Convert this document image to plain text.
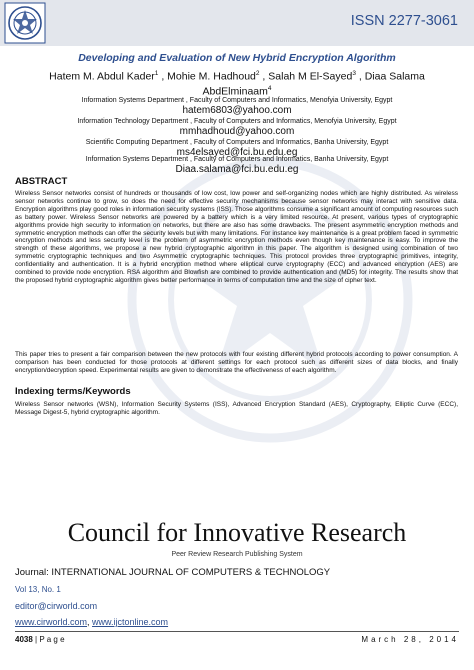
ISSN 2277-3061
Developing and Evaluation of New Hybrid Encryption Algorithm
Hatem M. Abdul Kader$^1$ , Mohie M. Hadhoud$^2$ , Salah M El-Sayed$^3$ , Diaa Salama AbdElminaam$^4$
Information Systems Department , Faculty of Computers and Informatics, Menofyia University, Egypt
hatem6803@yahoo.com
Information Technology Department , Faculty of Computers and Informatics, Menofyia University, Egypt
mmhadhoud@yahoo.com
Scientific Computing Department , Faculty of Computers and Informatics, Banha University, Egypt
ms4elsayed@fci.bu.edu.eg
Information Systems Department , Faculty of Computers and Informatics, Banha University, Egypt
Diaa.salama@fci.bu.edu.eg
ABSTRACT

Wireless Sensor networks consist of hundreds or thousands of low cost, low power and self-organizing nodes which are highly distributed. As wireless sensor networks continue to grow, so does the need for effective security mechanisms because sensor networks may interact with sensitive data. Encryption algorithms play good roles in information security systems (ISS). Those algorithms consume a significant amount of computing resources such as battery power. Wireless Sensor networks are powered by a battery which is a very limited resource. At present, various types of cryptographic algorithms provide high security to information on networks, but there are also has some drawbacks. The present asymmetric encryption methods and symmetric encryption methods can offer the security levels but with many limitations. For instance key maintenance is a great problem faced in symmetric encryption methods and less security level is the problem of asymmetric encryption methods even though key maintenance is easy. To improve the strength of these algorithms, we propose a new hybrid cryptographic algorithm in this paper. The algorithm is designed using combination of two symmetric cryptographic techniques and two Asymmetric cryptographic techniques. This protocol provides three cryptographic primitives, integrity, confidentiality and authentication. It is a hybrid encryption method where elliptical curve cryptography (ECC) and advanced encryption (AES) are combined to provide node encryption. RSA algorithm and Blowfish are combined to provide authentication and (MD5) for integrity. The results show that the proposed hybrid cryptographic algorithm gives better performance in terms of computation time and the size of cipher text.

This paper tries to present a fair comparison between the new protocols with four existing different hybrid protocols according to power consumption. A comparison has been conducted for those protocols at different settings for each protocol such as different sizes of data blocks, and finally encryption/decryption speed. Experimental results are given to demonstrate the effectiveness of each algorithm.

Indexing terms/Keywords

Wireless Sensor networks (WSN), Information Security Systems (ISS), Advanced Encryption Standard (AES), Cryptography, Elliptic Curve (ECC), Message Digest-5, hybrid cryptographic algorithm.

Council for Innovative Research
Peer Review Research Publishing System
Journal: INTERNATIONAL JOURNAL OF COMPUTERS & TECHNOLOGY
Vol 13, No. 1
editor@cirworld.com
www.cirworld.com, www.ijctonline.com
4038 | P a g e	March 28, 2014
